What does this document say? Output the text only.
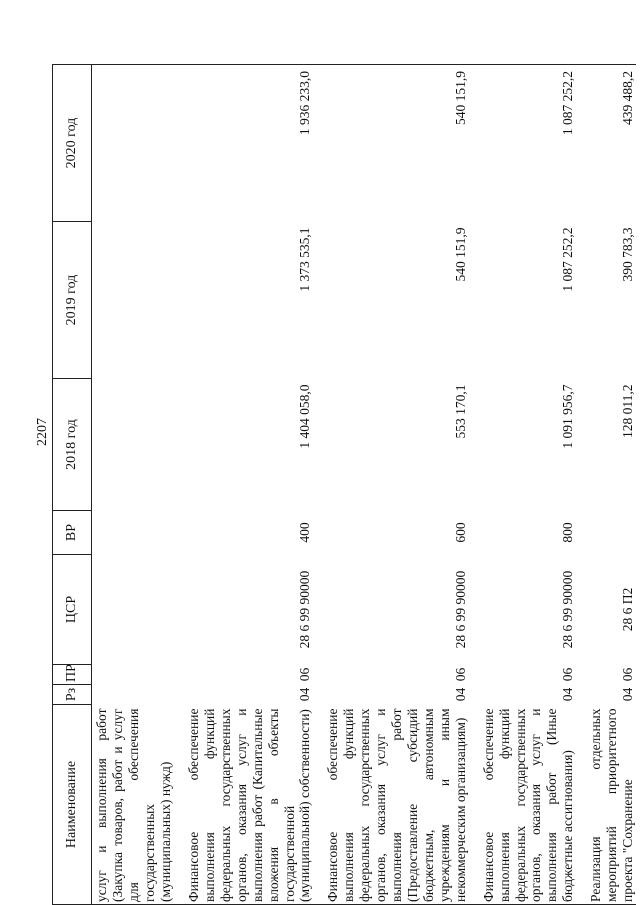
2207
Наименование	Рз	ПР	ЦСР	ВР	2018 год	2019 год	2020 год
услуг и выполнения работ (Закупка товаров, работ и услуг для обеспечения государственных (муниципальных) нужд)							
Финансовое обеспечение выполнения функций федеральных государственных органов, оказания услуг и выполнения работ (Капитальные вложения в объекты государственной (муниципальной) собственности)	04	06	28 6 99 90000	400	1 404 058,0	1 373 535,1	1 936 233,0
Финансовое обеспечение выполнения функций федеральных государственных органов, оказания услуг и выполнения работ (Предоставление субсидий бюджетным, автономным учреждениям и иным некоммерческим организациям)	04	06	28 6 99 90000	600	553 170,1	540 151,9	540 151,9
Финансовое обеспечение выполнения функций федеральных государственных органов, оказания услуг и выполнения работ (Иные бюджетные ассигнования)	04	06	28 6 99 90000	800	1 091 956,7	1 087 252,2	1 087 252,2
Реализация отдельных мероприятий приоритетного проекта "Сохранение	04	06	28 6 П2		128 011,2	390 783,3	439 488,2
